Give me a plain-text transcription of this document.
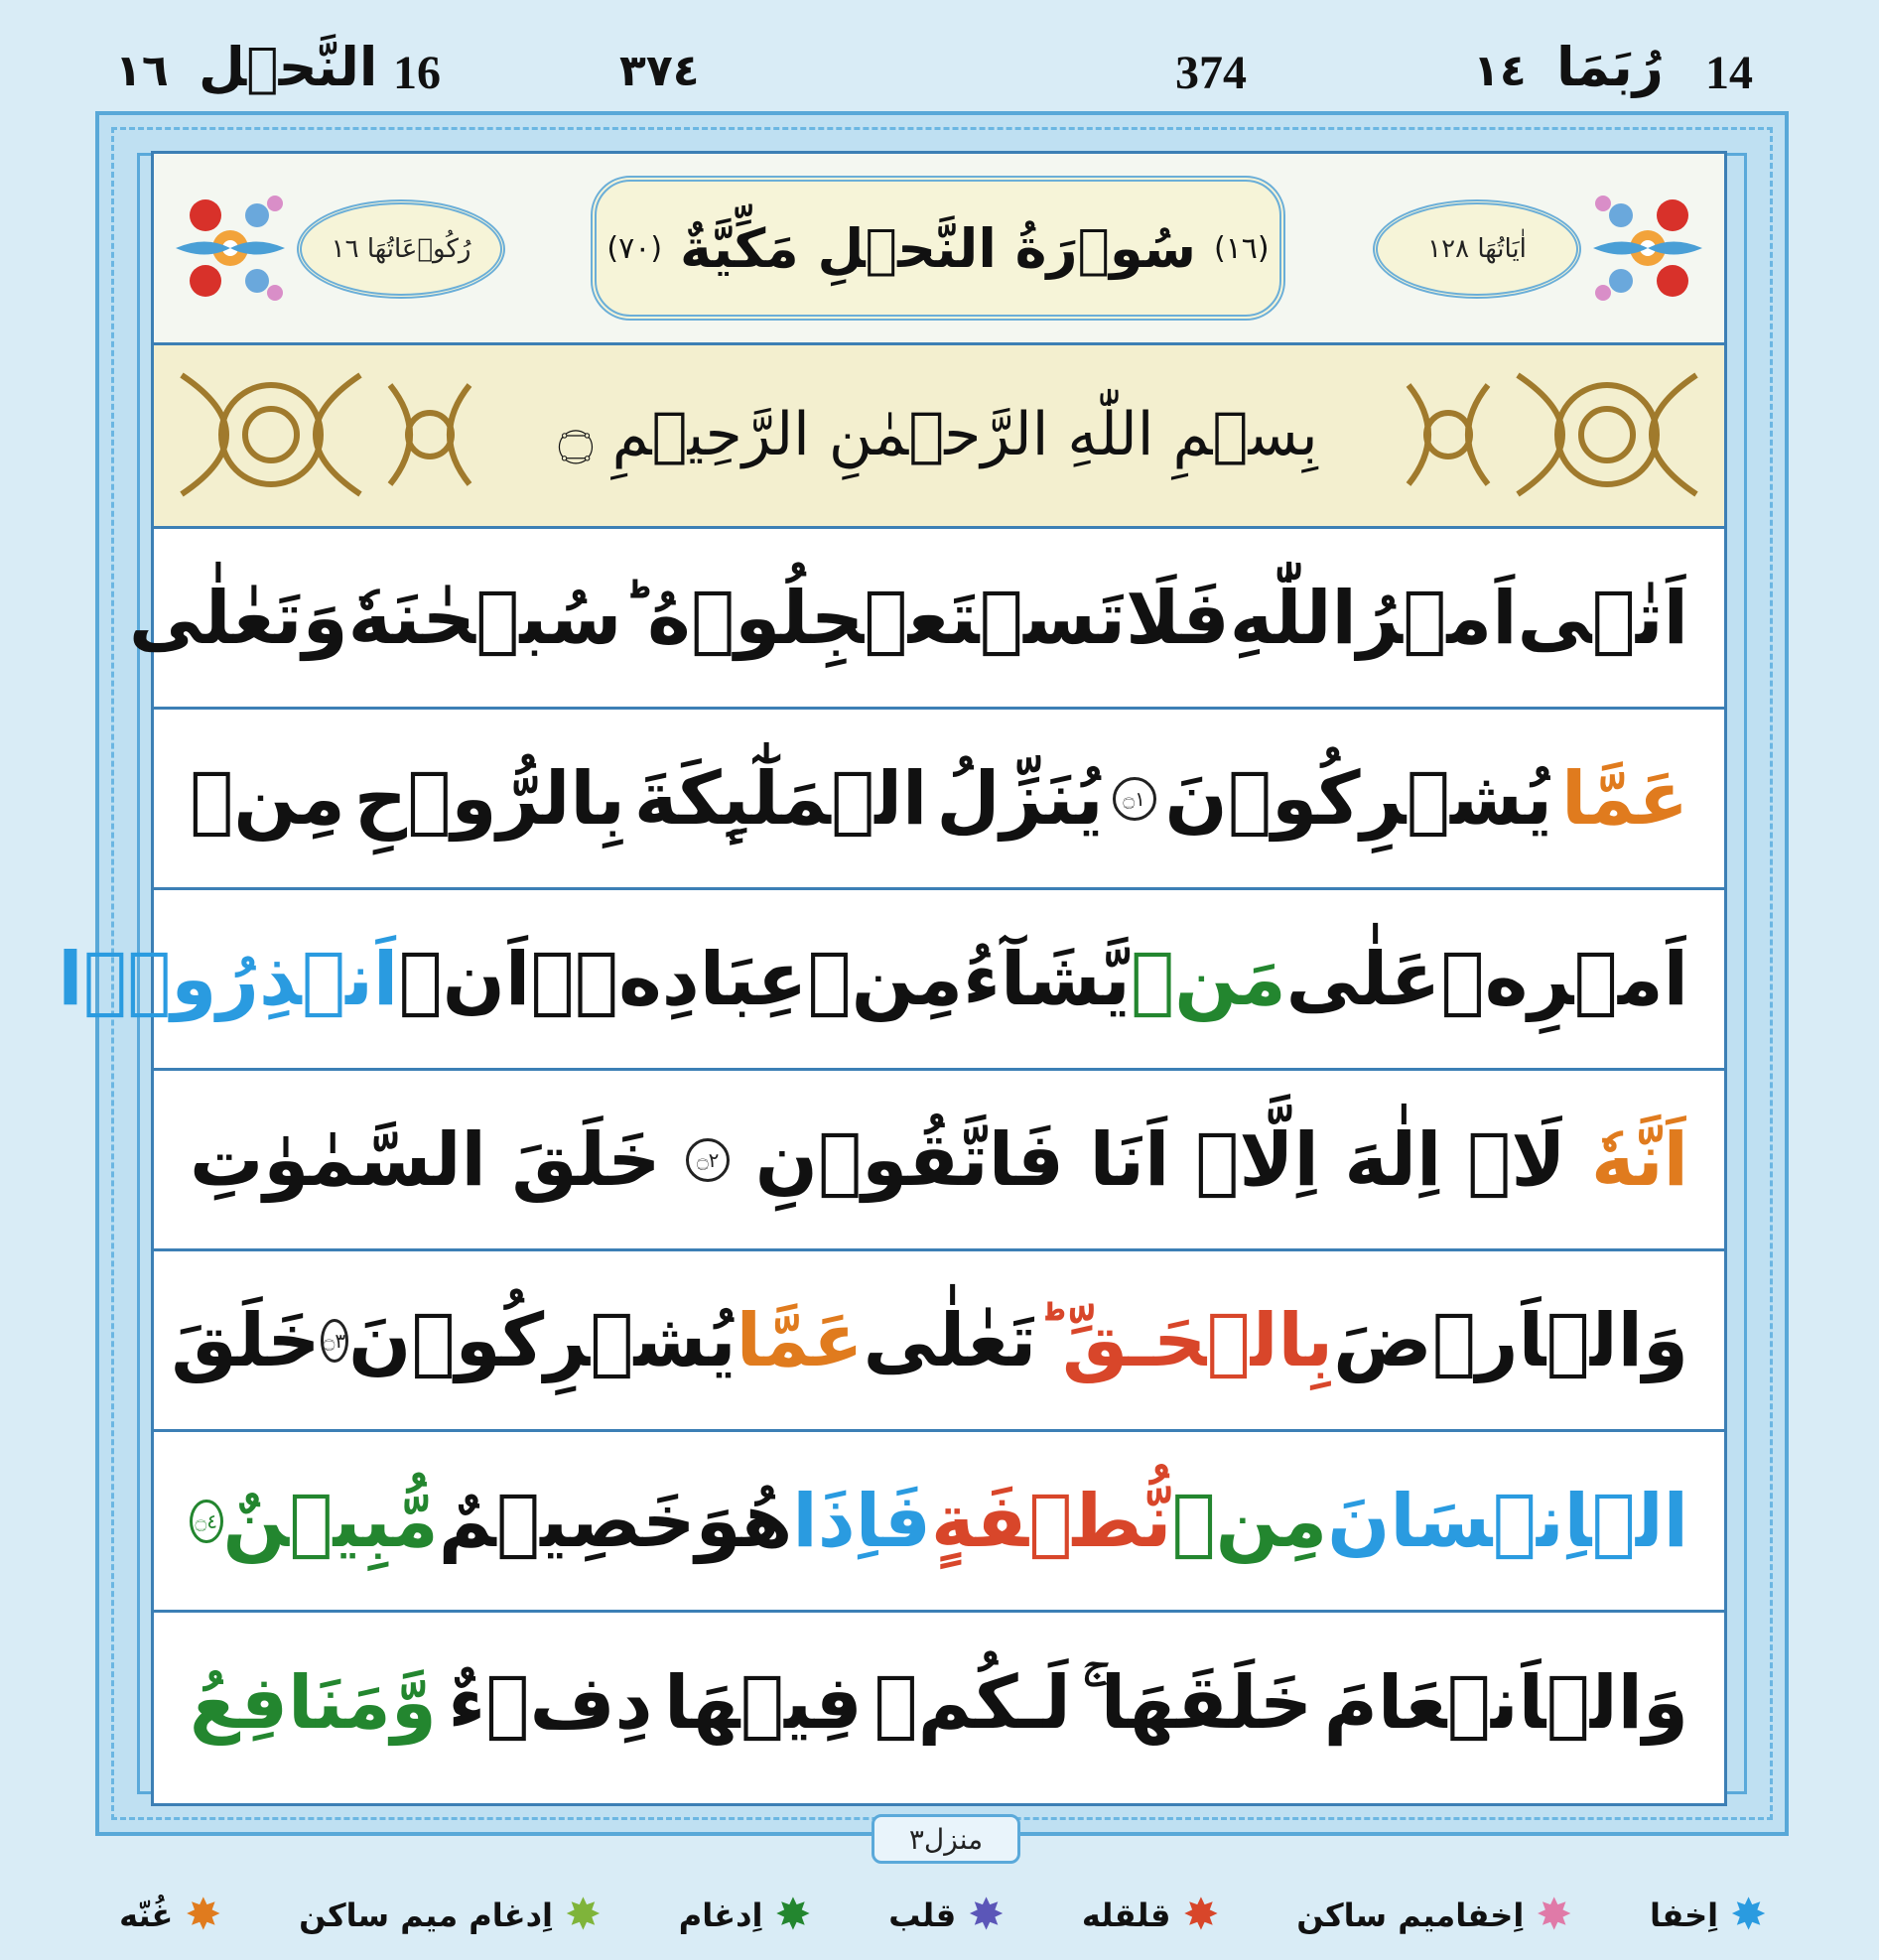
14
رُبَمَا
١٤
374
٣٧٤
16
النَّحۡل
١٦
رُكُوۡعَاتُهَا ١٦	(١٦)
سُوۡرَةُ النَّحۡلِ مَكِّيَّةٌ
(٧٠)	اٰيَاتُهَا ١٢٨
بِسۡمِ اللّٰهِ الرَّحۡمٰنِ الرَّحِيۡمِ ۝
اَتٰۤى
اَمۡرُ
اللّٰهِ
فَلَا
تَسۡتَعۡجِلُوۡهُ ؕ
سُبۡحٰنَهٗ
وَ
تَعٰلٰى
عَمَّا
يُشۡرِكُوۡنَ
۝١
يُنَزِّلُ
الۡمَلٰٓٮِٕكَةَ
بِالرُّوۡحِ
مِنۡ
اَمۡرِهٖ
عَلٰى
مَنۡ
يَّشَآءُ
مِنۡ
عِبَادِهٖۤ
اَنۡ
اَنۡذِرُوۡۤا
اَنَّهٗ
لَاۤ
اِلٰهَ
اِلَّاۤ
اَنَا
فَاتَّقُوۡنِ
۝٢
خَلَقَ
السَّمٰوٰتِ
وَالۡاَرۡضَ
بِالۡحَـقِّ ؕ
تَعٰلٰى
عَمَّا
يُشۡرِكُوۡنَ
۝٣
خَلَقَ
الۡاِنۡسَانَ
مِنۡ
نُّطۡفَةٍ
فَاِذَا
هُوَ
خَصِيۡمٌ
مُّبِيۡنٌ
۝٤
وَالۡاَنۡعَامَ
خَلَقَهَا ۚ
لَـكُمۡ
فِيۡهَا
دِفۡءٌ
وَّمَنَافِعُ
منزل٣
✸
اِخفا
✸
اِخفامیم ساکن
✸
قلقله
✸
قلب
✸
اِدغام
✸
اِدغام میم ساکن
✸
غُنّه
